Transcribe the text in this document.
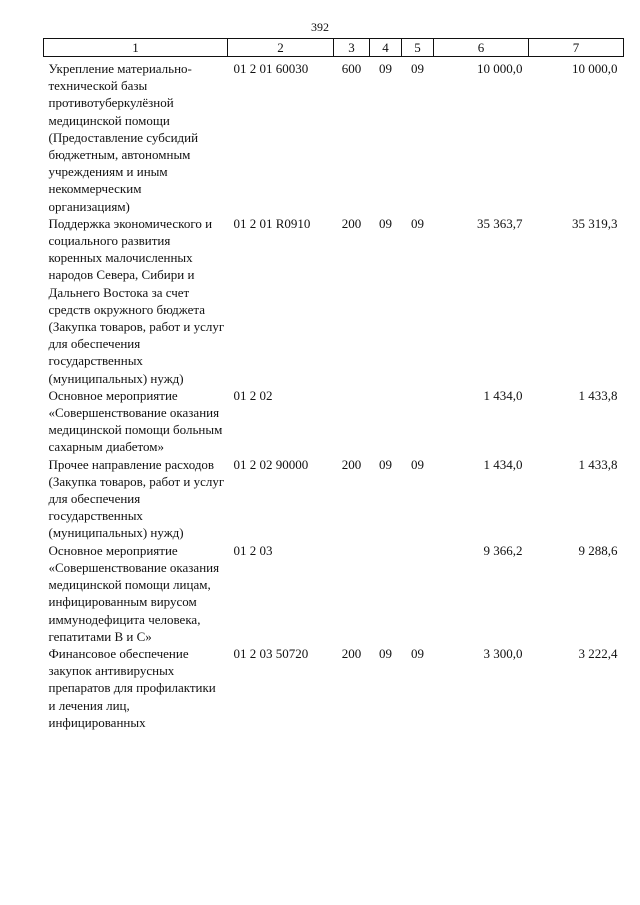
392
1	2	3	4	5	6	7
Укрепление материально-технической базы противотуберкулёзной медицинской помощи (Предоставление субсидий бюджетным, автономным учреждениям и иным некоммерческим организациям)	01 2 01 60030	600	09	09	10 000,0	10 000,0
Поддержка экономического и социального развития коренных малочисленных народов Севера, Сибири и Дальнего Востока за счет средств окружного бюджета (Закупка товаров, работ и услуг для обеспечения государственных (муниципальных) нужд)	01 2 01 R0910	200	09	09	35 363,7	35 319,3
Основное мероприятие «Совершенствование оказания медицинской помощи больным сахарным диабетом»	01 2 02				1 434,0	1 433,8
Прочее направление расходов (Закупка товаров, работ и услуг для обеспечения государственных (муниципальных) нужд)	01 2 02 90000	200	09	09	1 434,0	1 433,8
Основное мероприятие «Совершенствование оказания медицинской помощи лицам, инфицированным вирусом иммунодефицита человека, гепатитами В и С»	01 2 03				9 366,2	9 288,6
Финансовое обеспечение закупок антивирусных препаратов для профилактики и лечения лиц, инфицированных	01 2 03 50720	200	09	09	3 300,0	3 222,4
